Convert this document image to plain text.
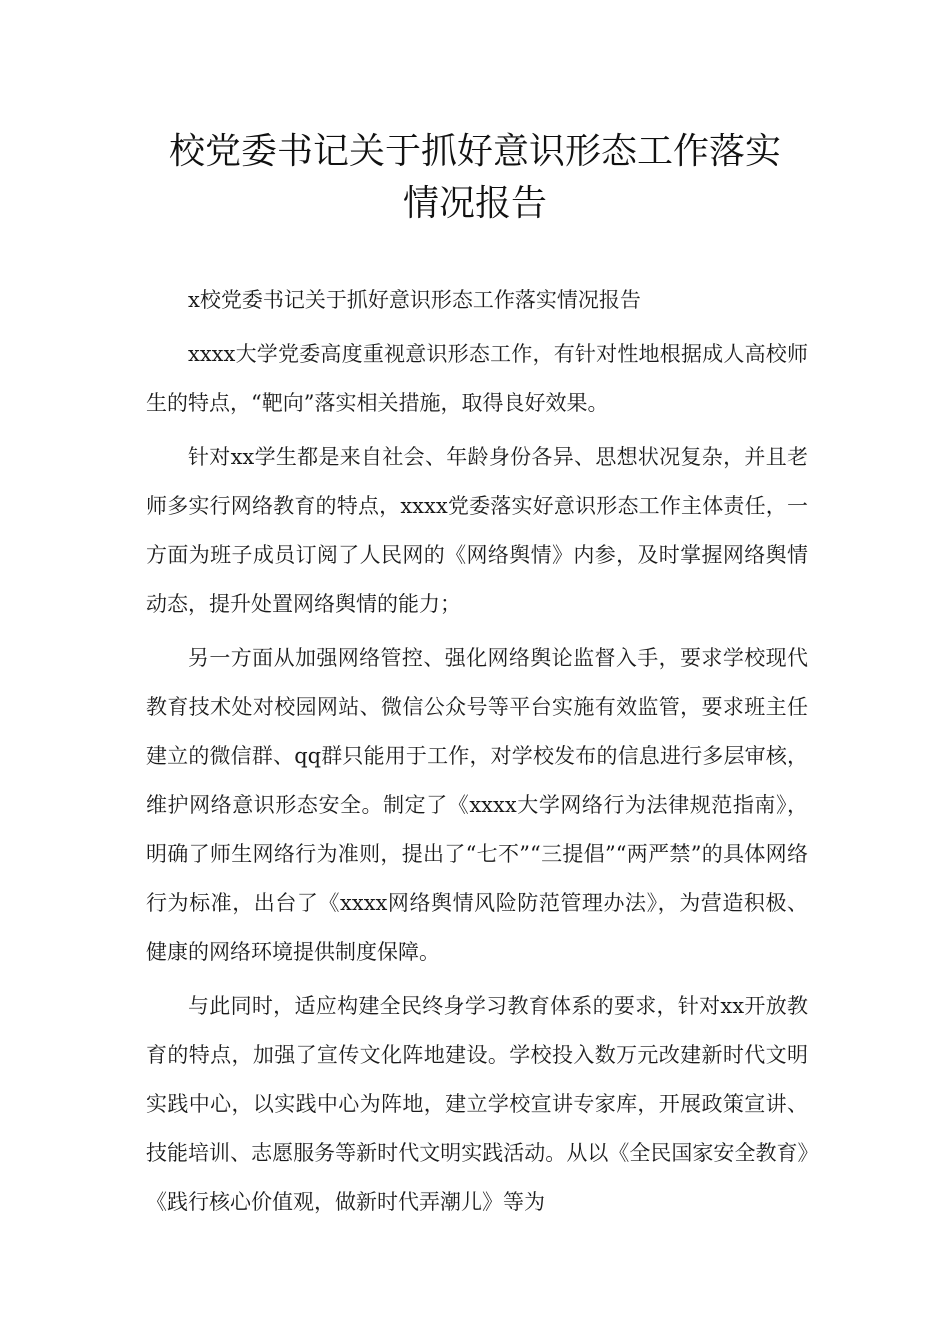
校党委书记关于抓好意识形态工作落实
情况报告

x校党委书记关于抓好意识形态工作落实情况报告

xxxx大学党委高度重视意识形态工作，有针对性地根据成人高校师生的特点，“靶向”落实相关措施，取得良好效果。

针对xx学生都是来自社会、年龄身份各异、思想状况复杂，并且老师多实行网络教育的特点，xxxx党委落实好意识形态工作主体责任，一方面为班子成员订阅了人民网的《网络舆情》内参，及时掌握网络舆情动态，提升处置网络舆情的能力；

另一方面从加强网络管控、强化网络舆论监督入手，要求学校现代教育技术处对校园网站、微信公众号等平台实施有效监管，要求班主任建立的微信群、qq群只能用于工作，对学校发布的信息进行多层审核，维护网络意识形态安全。制定了《xxxx大学网络行为法律规范指南》，明确了师生网络行为准则，提出了“七不”“三提倡”“两严禁”的具体网络行为标准，出台了《xxxx网络舆情风险防范管理办法》，为营造积极、健康的网络环境提供制度保障。

与此同时，适应构建全民终身学习教育体系的要求，针对xx开放教育的特点，加强了宣传文化阵地建设。学校投入数万元改建新时代文明实践中心，以实践中心为阵地，建立学校宣讲专家库，开展政策宣讲、技能培训、志愿服务等新时代文明实践活动。从以《全民国家安全教育》《践行核心价值观，做新时代弄潮儿》等为
